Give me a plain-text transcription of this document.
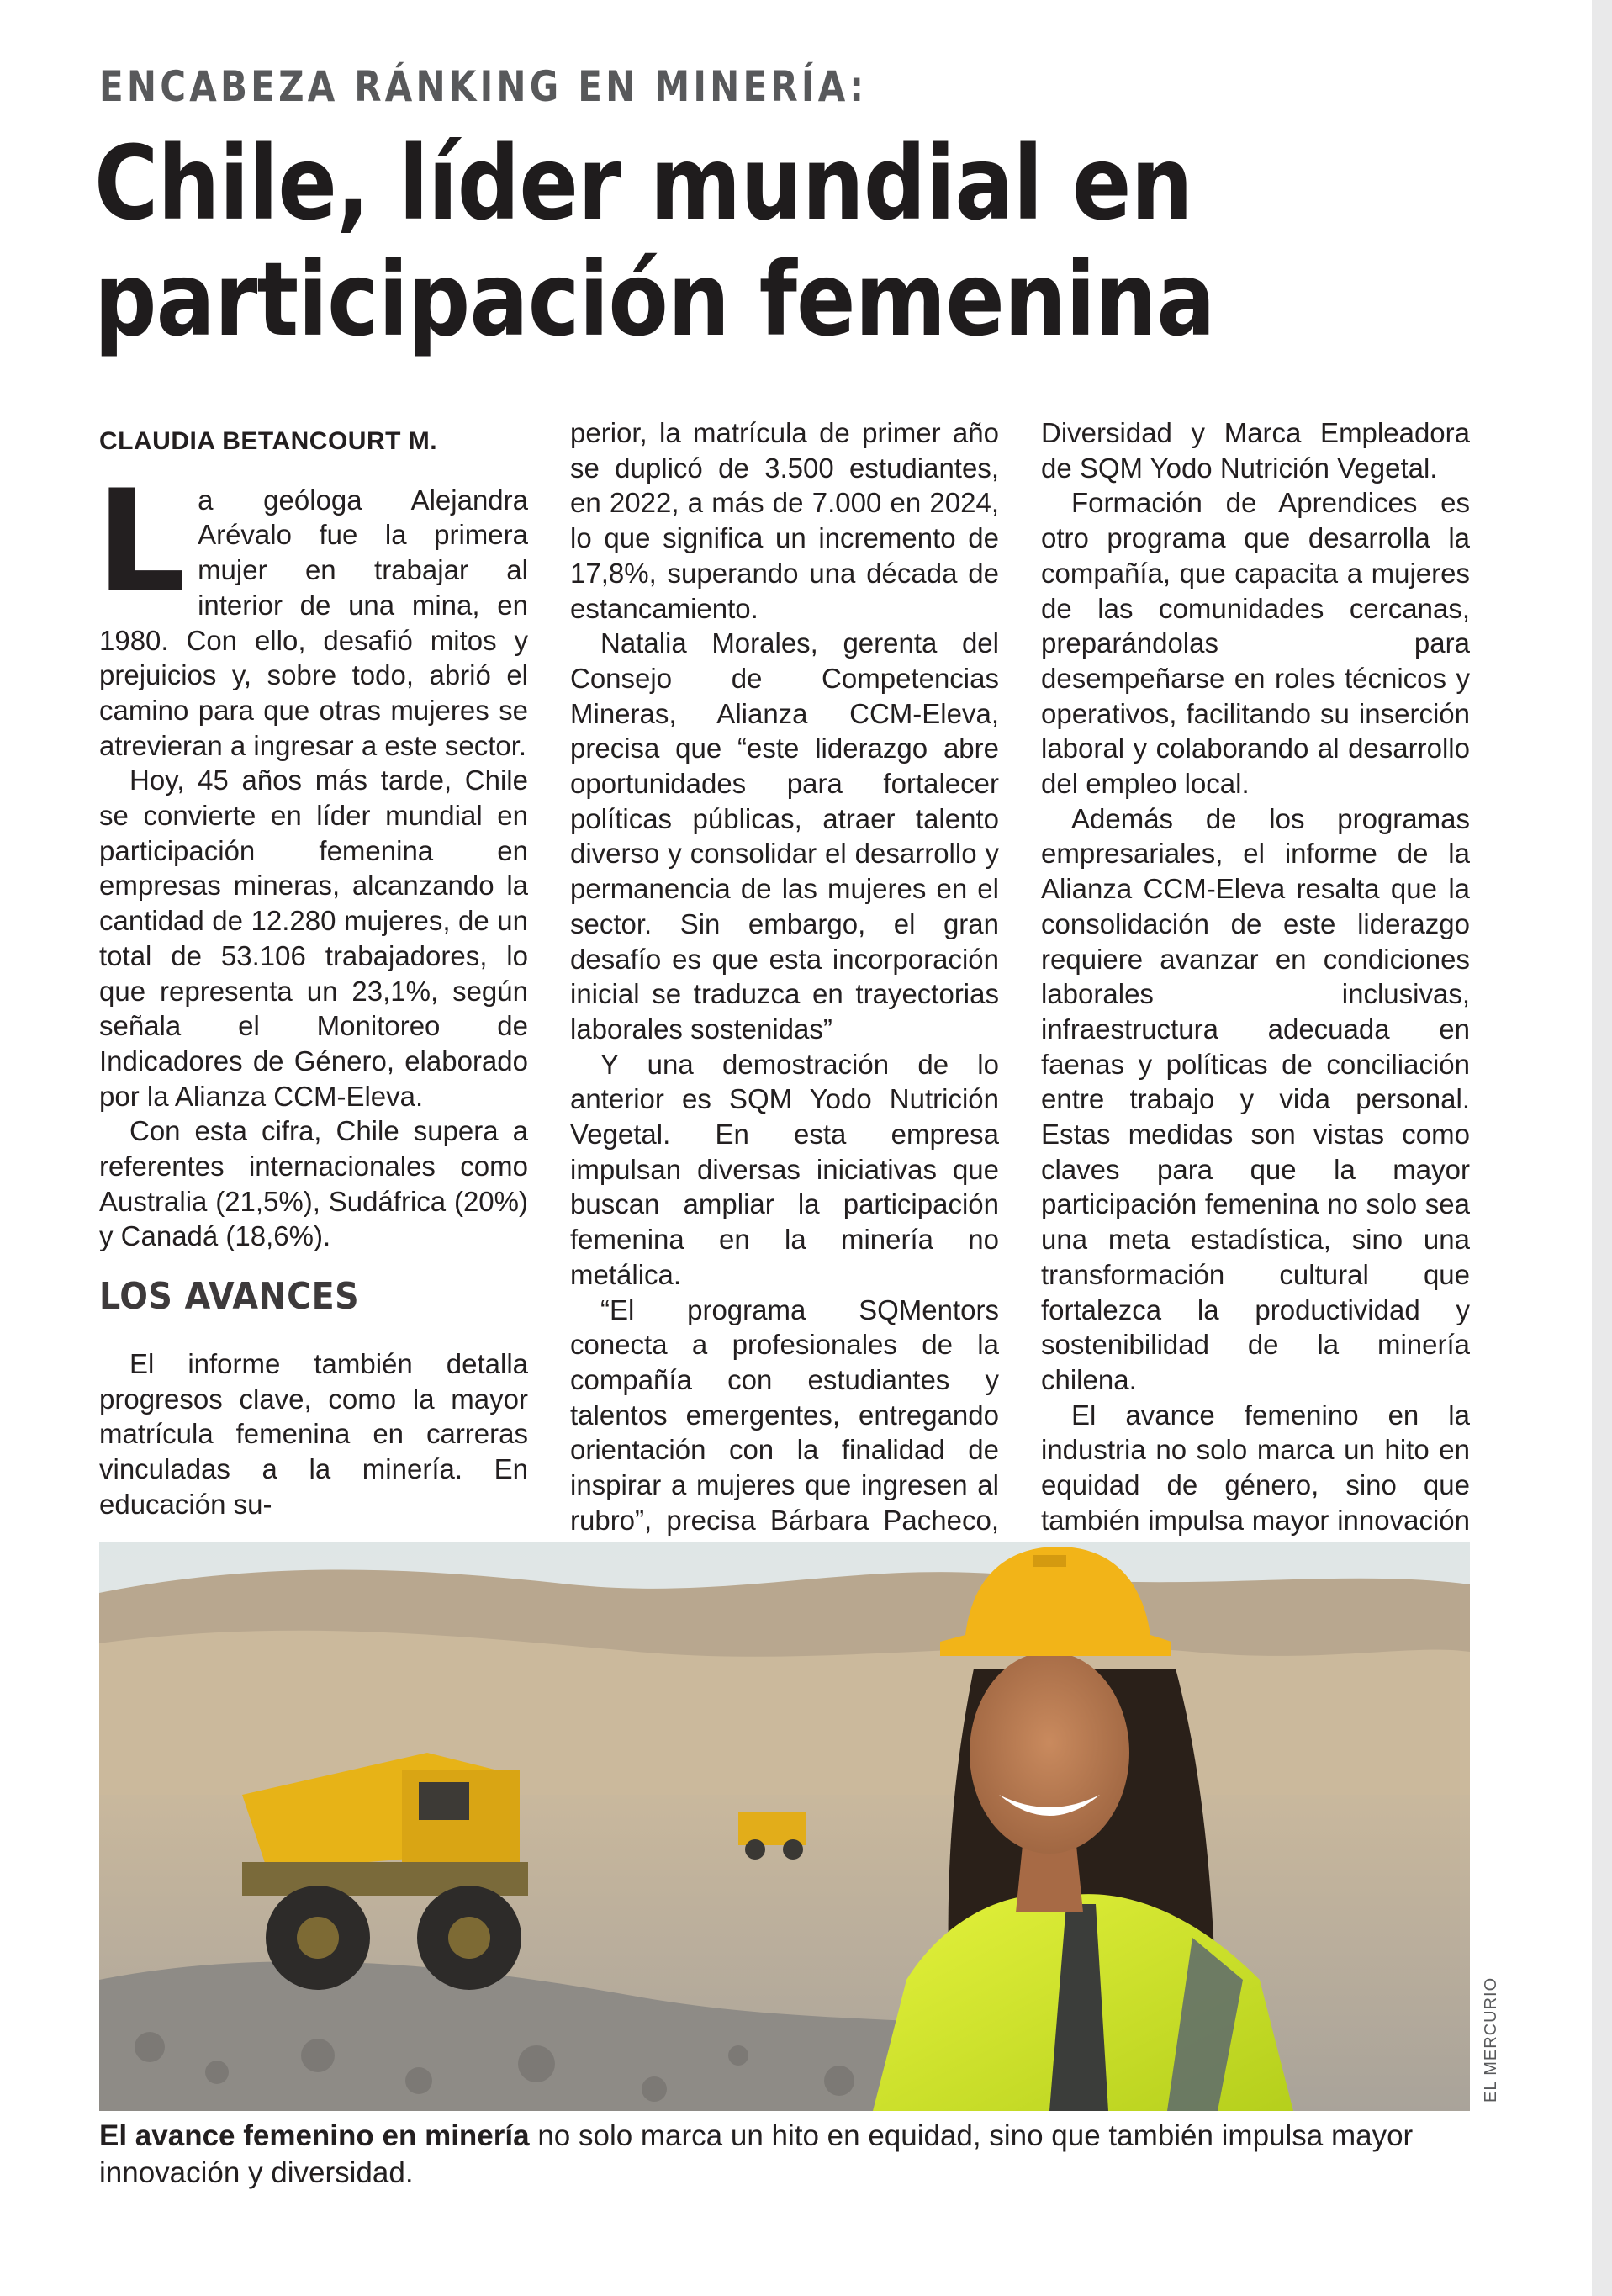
ENCABEZA RÁNKING EN MINERÍA:
Chile, líder mundial en participación femenina
CLAUDIA BETANCOURT M.

La geóloga Alejandra Arévalo fue la primera mujer en trabajar al interior de una mina, en 1980. Con ello, desafió mitos y prejuicios y, sobre todo, abrió el camino para que otras mujeres se atrevieran a ingresar a este sector.

Hoy, 45 años más tarde, Chile se convierte en líder mundial en participación femenina en empresas mineras, alcanzando la cantidad de 12.280 mujeres, de un total de 53.106 trabajadores, lo que representa un 23,1%, según señala el Monitoreo de Indicadores de Género, elaborado por la Alianza CCM-Eleva.

Con esta cifra, Chile supera a referentes internacionales como Australia (21,5%), Sudáfrica (20%) y Canadá (18,6%).

LOS AVANCES

El informe también detalla progresos clave, como la mayor matrícula femenina en carreras vinculadas a la minería. En educación su-

perior, la matrícula de primer año se duplicó de 3.500 estudiantes, en 2022, a más de 7.000 en 2024, lo que significa un incremento de 17,8%, superando una década de estancamiento.

Natalia Morales, gerenta del Consejo de Competencias Mineras, Alianza CCM-Eleva, precisa que “este liderazgo abre oportunidades para fortalecer políticas públicas, atraer talento diverso y consolidar el desarrollo y permanencia de las mujeres en el sector. Sin embargo, el gran desafío es que esta incorporación inicial se traduzca en trayectorias laborales sostenidas”

Y una demostración de lo anterior es SQM Yodo Nutrición Vegetal. En esta empresa impulsan diversas iniciativas que buscan ampliar la participación femenina en la minería no metálica.

“El programa SQMentors conecta a profesionales de la compañía con estudiantes y talentos emergentes, entregando orientación con la finalidad de inspirar a mujeres que ingresen al rubro”, precisa Bárbara Pacheco,

Diversidad y Marca Empleadora de SQM Yodo Nutrición Vegetal.

Formación de Aprendices es otro programa que desarrolla la compañía, que capacita a mujeres de las comunidades cercanas, preparándolas para desempeñarse en roles técnicos y operativos, facilitando su inserción laboral y colaborando al desarrollo del empleo local.

Además de los programas empresariales, el informe de la Alianza CCM-Eleva resalta que la consolidación de este liderazgo requiere avanzar en condiciones laborales inclusivas, infraestructura adecuada en faenas y políticas de conciliación entre trabajo y vida personal. Estas medidas son vistas como claves para que la mayor participación femenina no solo sea una meta estadística, sino una transformación cultural que fortalezca la productividad y sostenibilidad de la minería chilena.

El avance femenino en la industria no solo marca un hito en equidad de género, sino que también impulsa mayor innovación

EL MERCURIO

El avance femenino en minería no solo marca un hito en equidad, sino que también impulsa mayor innovación y diversidad.
